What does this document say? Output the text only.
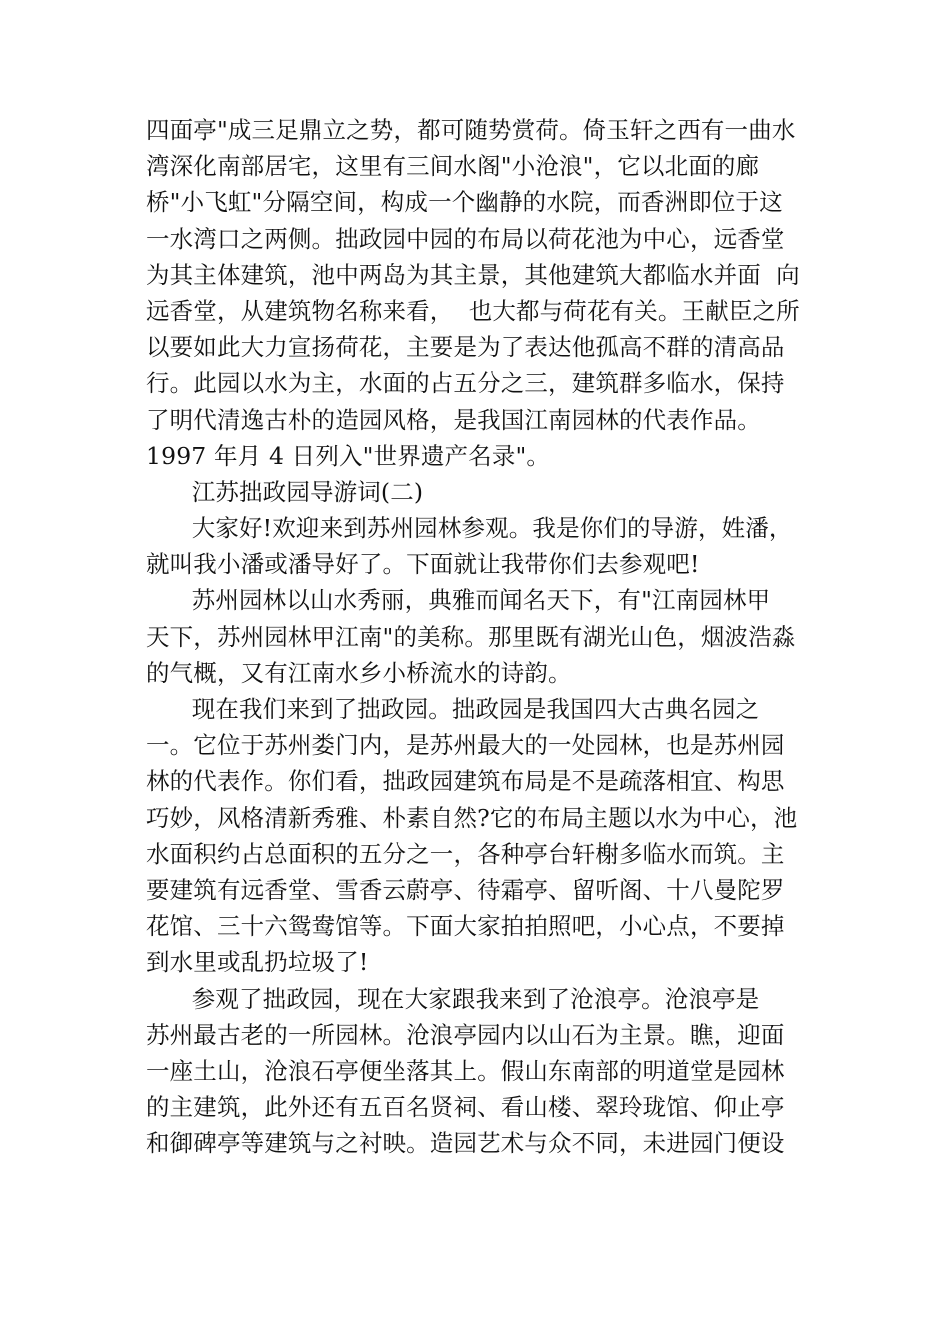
四面亭"成三足鼎立之势，都可随势赏荷。倚玉轩之西有一曲水
湾深化南部居宅，这里有三间水阁"小沧浪"，它以北面的廊
桥"小飞虹"分隔空间，构成一个幽静的水院，而香洲即位于这
一水湾口之两侧。拙政园中园的布局以荷花池为中心，远香堂
为其主体建筑，池中两岛为其主景，其他建筑大都临水并面  向
远香堂，从建筑物名称来看，  也大都与荷花有关。王献臣之所
以要如此大力宣扬荷花，主要是为了表达他孤高不群的清高品
行。此园以水为主，水面的占五分之三，建筑群多临水，保持
了明代清逸古朴的造园风格，是我国江南园林的代表作品。
1997 年月 4 日列入"世界遗产名录"。
江苏拙政园导游词(二)
大家好!欢迎来到苏州园林参观。我是你们的导游，姓潘，
就叫我小潘或潘导好了。下面就让我带你们去参观吧!
苏州园林以山水秀丽，典雅而闻名天下，有"江南园林甲
天下，苏州园林甲江南"的美称。那里既有湖光山色，烟波浩淼
的气概，又有江南水乡小桥流水的诗韵。
现在我们来到了拙政园。拙政园是我国四大古典名园之
一。它位于苏州娄门内，是苏州最大的一处园林，也是苏州园
林的代表作。你们看，拙政园建筑布局是不是疏落相宜、构思
巧妙，风格清新秀雅、朴素自然?它的布局主题以水为中心，池
水面积约占总面积的五分之一，各种亭台轩榭多临水而筑。主
要建筑有远香堂、雪香云蔚亭、待霜亭、留听阁、十八曼陀罗
花馆、三十六鸳鸯馆等。下面大家拍拍照吧，小心点，不要掉
到水里或乱扔垃圾了!
参观了拙政园，现在大家跟我来到了沧浪亭。沧浪亭是
苏州最古老的一所园林。沧浪亭园内以山石为主景。瞧，迎面
一座土山，沧浪石亭便坐落其上。假山东南部的明道堂是园林
的主建筑，此外还有五百名贤祠、看山楼、翠玲珑馆、仰止亭
和御碑亭等建筑与之衬映。造园艺术与众不同，未进园门便设
